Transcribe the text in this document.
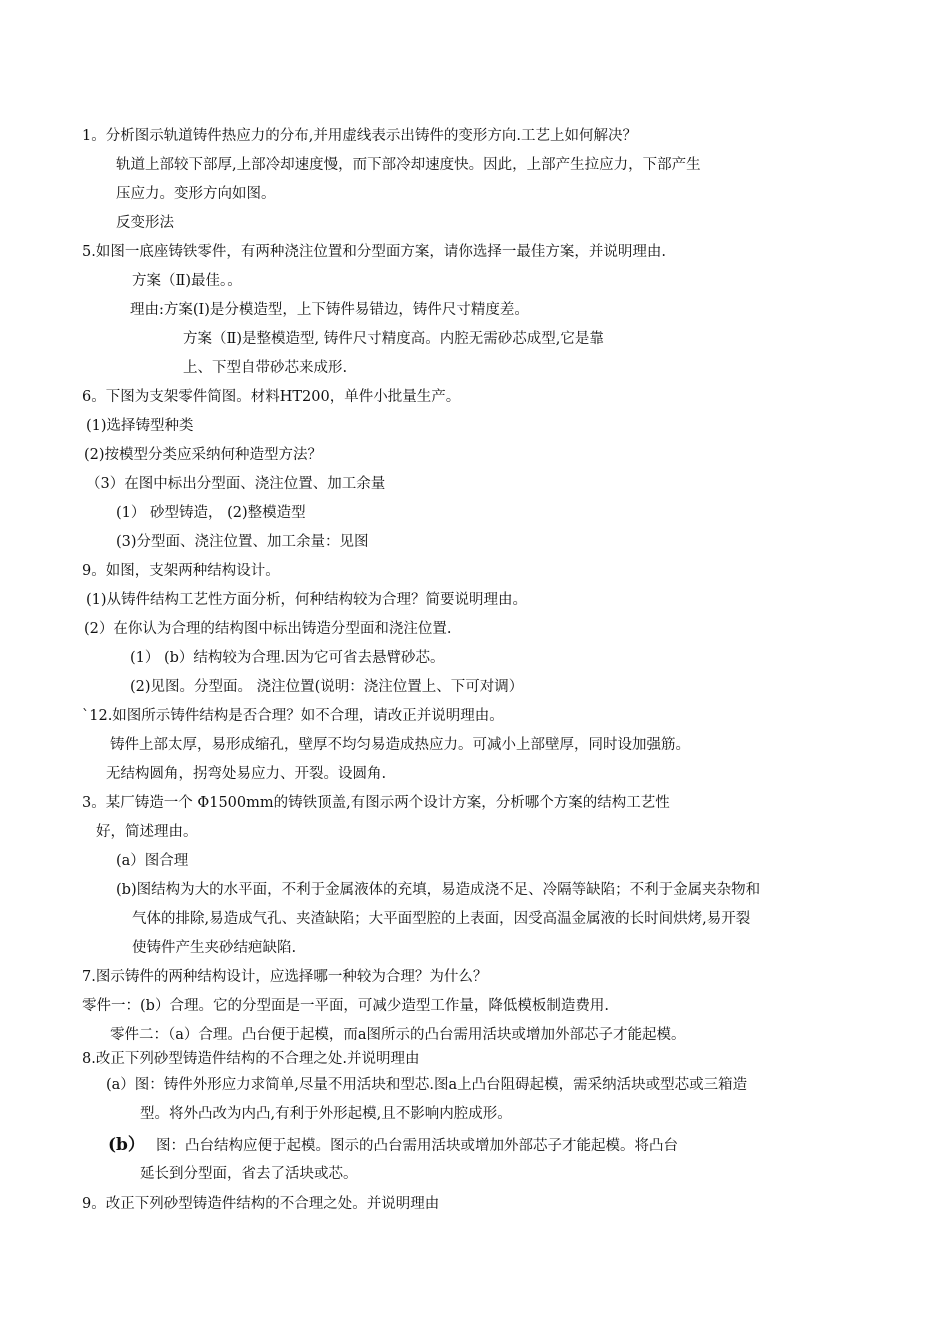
1。分析图示轨道铸件热应力的分布,并用虚线表示出铸件的变形方向.工艺上如何解决？
轨道上部较下部厚,上部冷却速度慢，而下部冷却速度快。因此，上部产生拉应力，下部产生
压应力。变形方向如图。
反变形法
5.如图一底座铸铁零件，有两种浇注位置和分型面方案，请你选择一最佳方案，并说明理由.
方案（Ⅱ)最佳。。
理由:方案(Ⅰ)是分模造型，上下铸件易错边，铸件尺寸精度差。
方案（Ⅱ)是整模造型, 铸件尺寸精度高。内腔无需砂芯成型,它是靠
上、下型自带砂芯来成形.
6。下图为支架零件简图。材料HT200，单件小批量生产。
(1)选择铸型种类
(2)按模型分类应采纳何种造型方法？
（3）在图中标出分型面、浇注位置、加工余量
(1） 砂型铸造， (2)整模造型
(3)分型面、浇注位置、加工余量：见图
9。如图，支架两种结构设计。
(1)从铸件结构工艺性方面分析，何种结构较为合理？简要说明理由。
(2）在你认为合理的结构图中标出铸造分型面和浇注位置.
(1） (b）结构较为合理.因为它可省去悬臂砂芯。
(2)见图。分型面。 浇注位置(说明：浇注位置上、下可对调）
`12.如图所示铸件结构是否合理？如不合理，请改正并说明理由。
铸件上部太厚，易形成缩孔，壁厚不均匀易造成热应力。可减小上部壁厚，同时设加强筋。
无结构圆角，拐弯处易应力、开裂。设圆角.
3。某厂铸造一个 Φ1500mm的铸铁顶盖,有图示两个设计方案，分析哪个方案的结构工艺性
好，简述理由。
(a）图合理
(b)图结构为大的水平面，不利于金属液体的充填，易造成浇不足、冷隔等缺陷；不利于金属夹杂物和
气体的排除,易造成气孔、夹渣缺陷；大平面型腔的上表面，因受高温金属液的长时间烘烤,易开裂
使铸件产生夹砂结疤缺陷.
7.图示铸件的两种结构设计，应选择哪一种较为合理？为什么？
零件一：(b）合理。它的分型面是一平面，可减少造型工作量，降低模板制造费用.
零件二：（a）合理。凸台便于起模，而a图所示的凸台需用活块或增加外部芯子才能起模。
8.改正下列砂型铸造件结构的不合理之处.并说明理由
(a）图：铸件外形应力求简单,尽量不用活块和型芯.图a上凸台阻碍起模，需采纳活块或型芯或三箱造
型。将外凸改为内凸,有利于外形起模,且不影响内腔成形。
(b） 图：凸台结构应便于起模。图示的凸台需用活块或增加外部芯子才能起模。将凸台
延长到分型面，省去了活块或芯。
9。改正下列砂型铸造件结构的不合理之处。并说明理由
